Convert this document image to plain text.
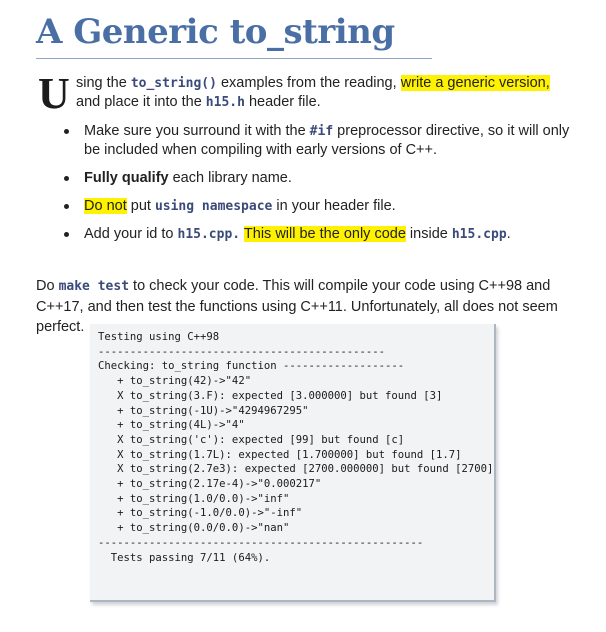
A Generic to_string
U sing the to_string() examples from the reading, write a generic version, and place it into the h15.h header file.

Make sure you surround it with the #if preprocessor directive, so it will only be included when compiling with early versions of C++.
Fully qualify each library name.
Do not put using namespace in your header file.
Add your id to h15.cpp. This will be the only code inside h15.cpp.

Do make test to check your code. This will compile your code using C++98 and C++17, and then test the functions using C++11. Unfortunately, all does not seem perfect.

Testing using C++98
---------------------------------------------
Checking: to_string function -------------------
+ to_string(42)->"42"
X to_string(3.F): expected [3.000000] but found [3]
+ to_string(-1U)->"4294967295"
+ to_string(4L)->"4"
X to_string('c'): expected [99] but found [c]
X to_string(1.7L): expected [1.700000] but found [1.7]
X to_string(2.7e3): expected [2700.000000] but found [2700]
+ to_string(2.17e-4)->"0.000217"
+ to_string(1.0/0.0)->"inf"
+ to_string(-1.0/0.0)->"-inf"
+ to_string(0.0/0.0)->"nan"
---------------------------------------------------
Tests passing 7/11 (64%).
